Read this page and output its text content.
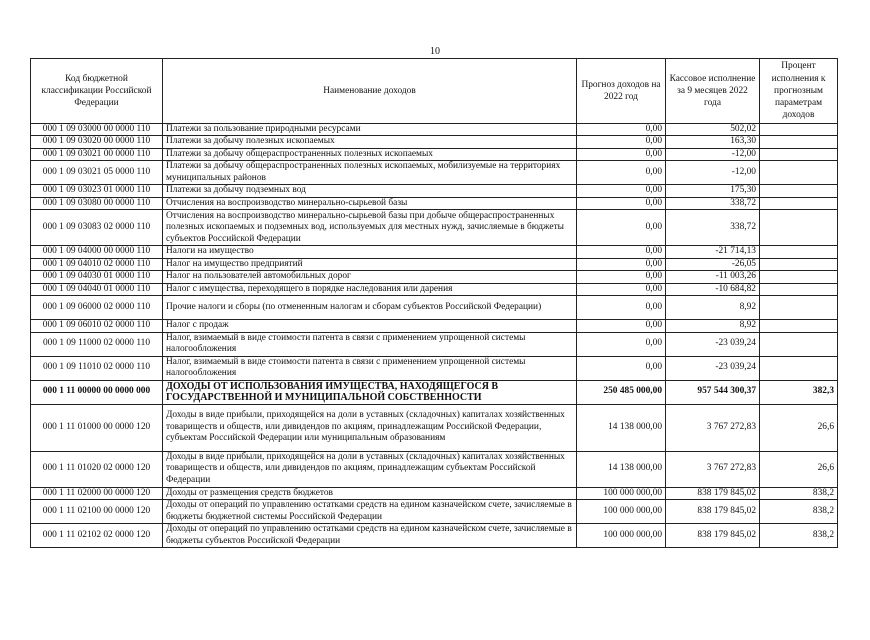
10
Код бюджетной классификации Российской Федерации	Наименование доходов	Прогноз доходов на 2022 год	Кассовое исполнение за 9 месяцев 2022 года	Процент исполнения к прогнозным параметрам доходов
000 1 09 03000 00 0000 110	Платежи за пользование природными ресурсами	0,00	502,02	
000 1 09 03020 00 0000 110	Платежи за добычу полезных ископаемых	0,00	163,30	
000 1 09 03021 00 0000 110	Платежи за добычу общераспространенных полезных ископаемых	0,00	-12,00	
000 1 09 03021 05 0000 110	Платежи за добычу общераспространенных полезных ископаемых, мобилизуемые на территориях муниципальных районов	0,00	-12,00	
000 1 09 03023 01 0000 110	Платежи за добычу подземных вод	0,00	175,30	
000 1 09 03080 00 0000 110	Отчисления на воспроизводство минерально-сырьевой базы	0,00	338,72	
000 1 09 03083 02 0000 110	Отчисления на воспроизводство минерально-сырьевой базы при добыче общераспространенных полезных ископаемых и подземных вод, используемых для местных нужд, зачисляемые в бюджеты субъектов Российской Федерации	0,00	338,72	
000 1 09 04000 00 0000 110	Налоги на имущество	0,00	-21 714,13	
000 1 09 04010 02 0000 110	Налог на имущество предприятий	0,00	-26,05	
000 1 09 04030 01 0000 110	Налог на пользователей автомобильных дорог	0,00	-11 003,26	
000 1 09 04040 01 0000 110	Налог с имущества, переходящего в порядке наследования или дарения	0,00	-10 684,82	
000 1 09 06000 02 0000 110	Прочие налоги и сборы (по отмененным налогам и сборам субъектов Российской Федерации)	0,00	8,92	
000 1 09 06010 02 0000 110	Налог с продаж	0,00	8,92	
000 1 09 11000 02 0000 110	Налог, взимаемый в виде стоимости патента в связи с применением упрощенной системы налогообложения	0,00	-23 039,24	
000 1 09 11010 02 0000 110	Налог, взимаемый в виде стоимости патента в связи с применением упрощенной системы налогообложения	0,00	-23 039,24	
000 1 11 00000 00 0000 000	ДОХОДЫ ОТ ИСПОЛЬЗОВАНИЯ ИМУЩЕСТВА, НАХОДЯЩЕГОСЯ В ГОСУДАРСТВЕННОЙ И МУНИЦИПАЛЬНОЙ СОБСТВЕННОСТИ	250 485 000,00	957 544 300,37	382,3
000 1 11 01000 00 0000 120	Доходы в виде прибыли, приходящейся на доли в уставных (складочных) капиталах хозяйственных товариществ и обществ, или дивидендов по акциям, принадлежащим Российской Федерации, субъектам Российской Федерации или муниципальным образованиям	14 138 000,00	3 767 272,83	26,6
000 1 11 01020 02 0000 120	Доходы в виде прибыли, приходящейся на доли в уставных (складочных) капиталах хозяйственных товариществ и обществ, или дивидендов по акциям, принадлежащим субъектам Российской Федерации	14 138 000,00	3 767 272,83	26,6
000 1 11 02000 00 0000 120	Доходы от размещения средств бюджетов	100 000 000,00	838 179 845,02	838,2
000 1 11 02100 00 0000 120	Доходы от операций по управлению остатками средств на едином казначейском счете, зачисляемые в бюджеты бюджетной системы Российской Федерации	100 000 000,00	838 179 845,02	838,2
000 1 11 02102 02 0000 120	Доходы от операций по управлению остатками средств на едином казначейском счете, зачисляемые в бюджеты субъектов Российской Федерации	100 000 000,00	838 179 845,02	838,2
